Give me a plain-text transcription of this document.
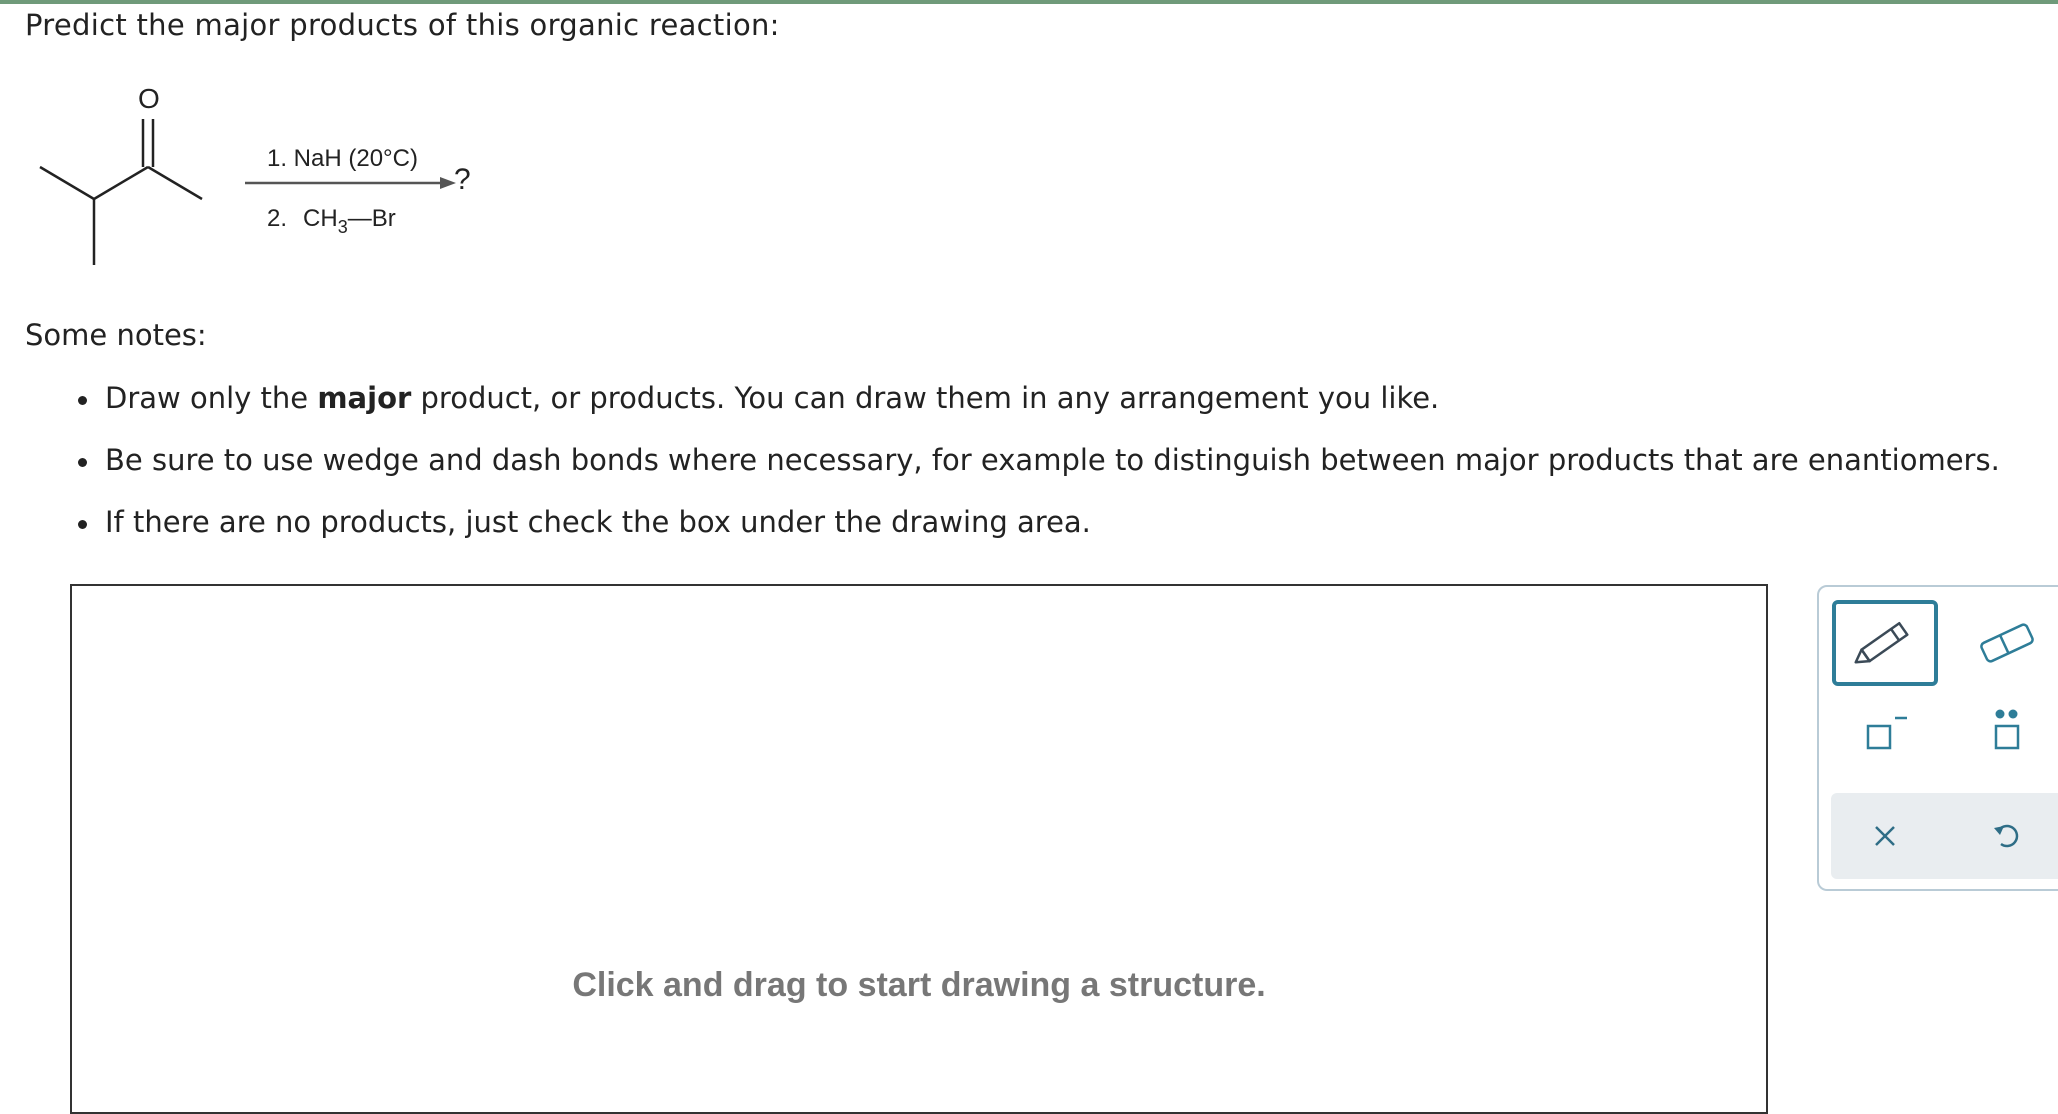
Predict the major products of this organic reaction:
O
1. NaH (20°C)
2. $CH_3—Br$
?
Some notes:
Draw only the major product, or products. You can draw them in any arrangement you like.
Be sure to use wedge and dash bonds where necessary, for example to distinguish between major products that are enantiomers.
If there are no products, just check the box under the drawing area.
Click and drag to start drawing a structure.
